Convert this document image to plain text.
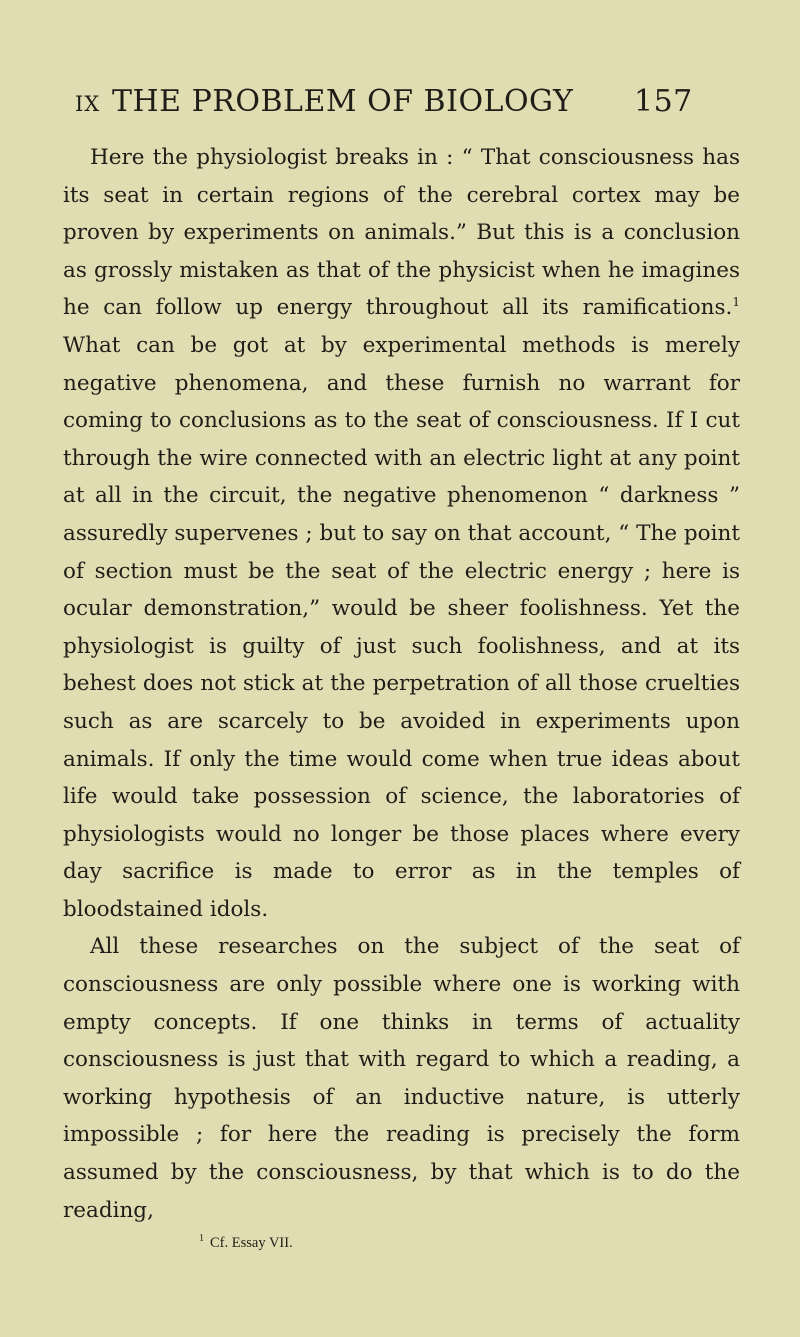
IX THE PROBLEM OF BIOLOGY 157

Here the physiologist breaks in : “ That consciousness has its seat in certain regions of the cerebral cortex may be proven by experiments on animals.” But this is a conclusion as grossly mistaken as that of the physicist when he imagines he can follow up energy throughout all its ramifications.$^1$ What can be got at by experimental methods is merely negative phenomena, and these furnish no warrant for coming to conclusions as to the seat of consciousness. If I cut through the wire connected with an electric light at any point at all in the circuit, the negative phenomenon “ darkness ” assuredly supervenes ; but to say on that account, “ The point of section must be the seat of the electric energy ; here is ocular demonstration,” would be sheer foolishness. Yet the physiologist is guilty of just such foolishness, and at its behest does not stick at the perpetration of all those cruelties such as are scarcely to be avoided in experiments upon animals. If only the time would come when true ideas about life would take possession of science, the laboratories of physiologists would no longer be those places where every day sacrifice is made to error as in the temples of bloodstained idols.

All these researches on the subject of the seat of consciousness are only possible where one is working with empty concepts. If one thinks in terms of actuality consciousness is just that with regard to which a reading, a working hypothesis of an inductive nature, is utterly impossible ; for here the reading is precisely the form assumed by the consciousness, by that which is to do the reading,

$^1$ Cf. Essay VII.
